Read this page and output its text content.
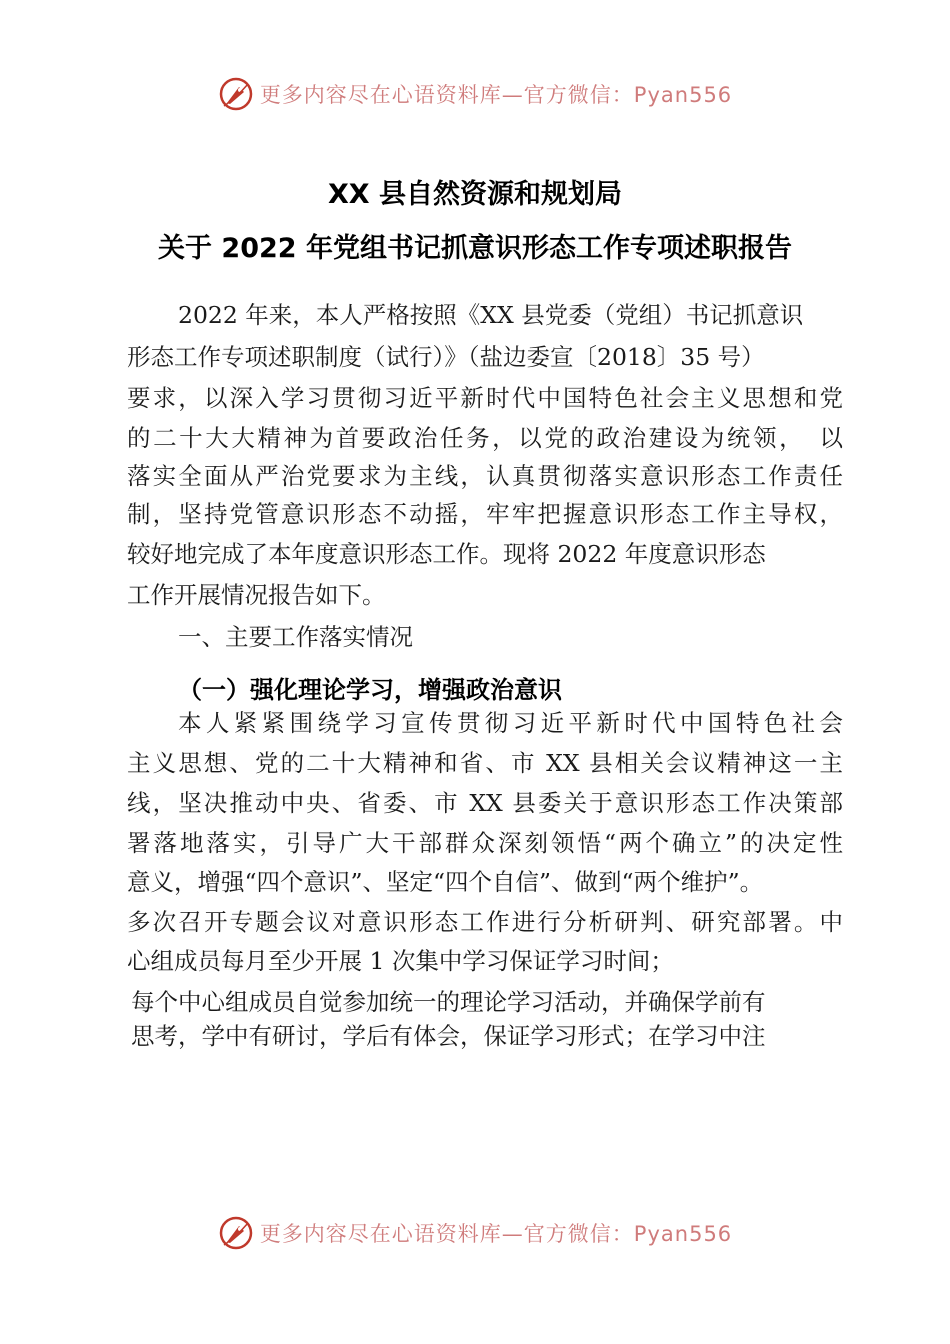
更多内容尽在心语资料库—官方微信：Pyan556
XX 县自然资源和规划局
关于 2022 年党组书记抓意识形态工作专项述职报告
2022 年来，本人严格按照《XX 县党委（党组）书记抓意识
形态工作专项述职制度（试行）》（盐边委宣〔2018〕35 号）
要求，以深入学习贯彻习近平新时代中国特色社会主义思想和党
的二十大大精神为首要政治任务，以党的政治建设为统领，　以
落实全面从严治党要求为主线，认真贯彻落实意识形态工作责任
制，坚持党管意识形态不动摇，牢牢把握意识形态工作主导权，
较好地完成了本年度意识形态工作。现将 2022 年度意识形态
工作开展情况报告如下。
一、主要工作落实情况
（一）强化理论学习，增强政治意识
本人紧紧围绕学习宣传贯彻习近平新时代中国特色社会
主义思想、党的二十大精神和省、市 XX 县相关会议精神这一主
线，坚决推动中央、省委、市 XX 县委关于意识形态工作决策部
署落地落实，引导广大干部群众深刻领悟“两个确立”的决定性
意义，增强“四个意识”、坚定“四个自信”、做到“两个维护”。
多次召开专题会议对意识形态工作进行分析研判、研究部署。中
心组成员每月至少开展 1 次集中学习保证学习时间；
每个中心组成员自觉参加统一的理论学习活动，并确保学前有
思考，学中有研讨，学后有体会，保证学习形式；在学习中注
更多内容尽在心语资料库—官方微信：Pyan556
